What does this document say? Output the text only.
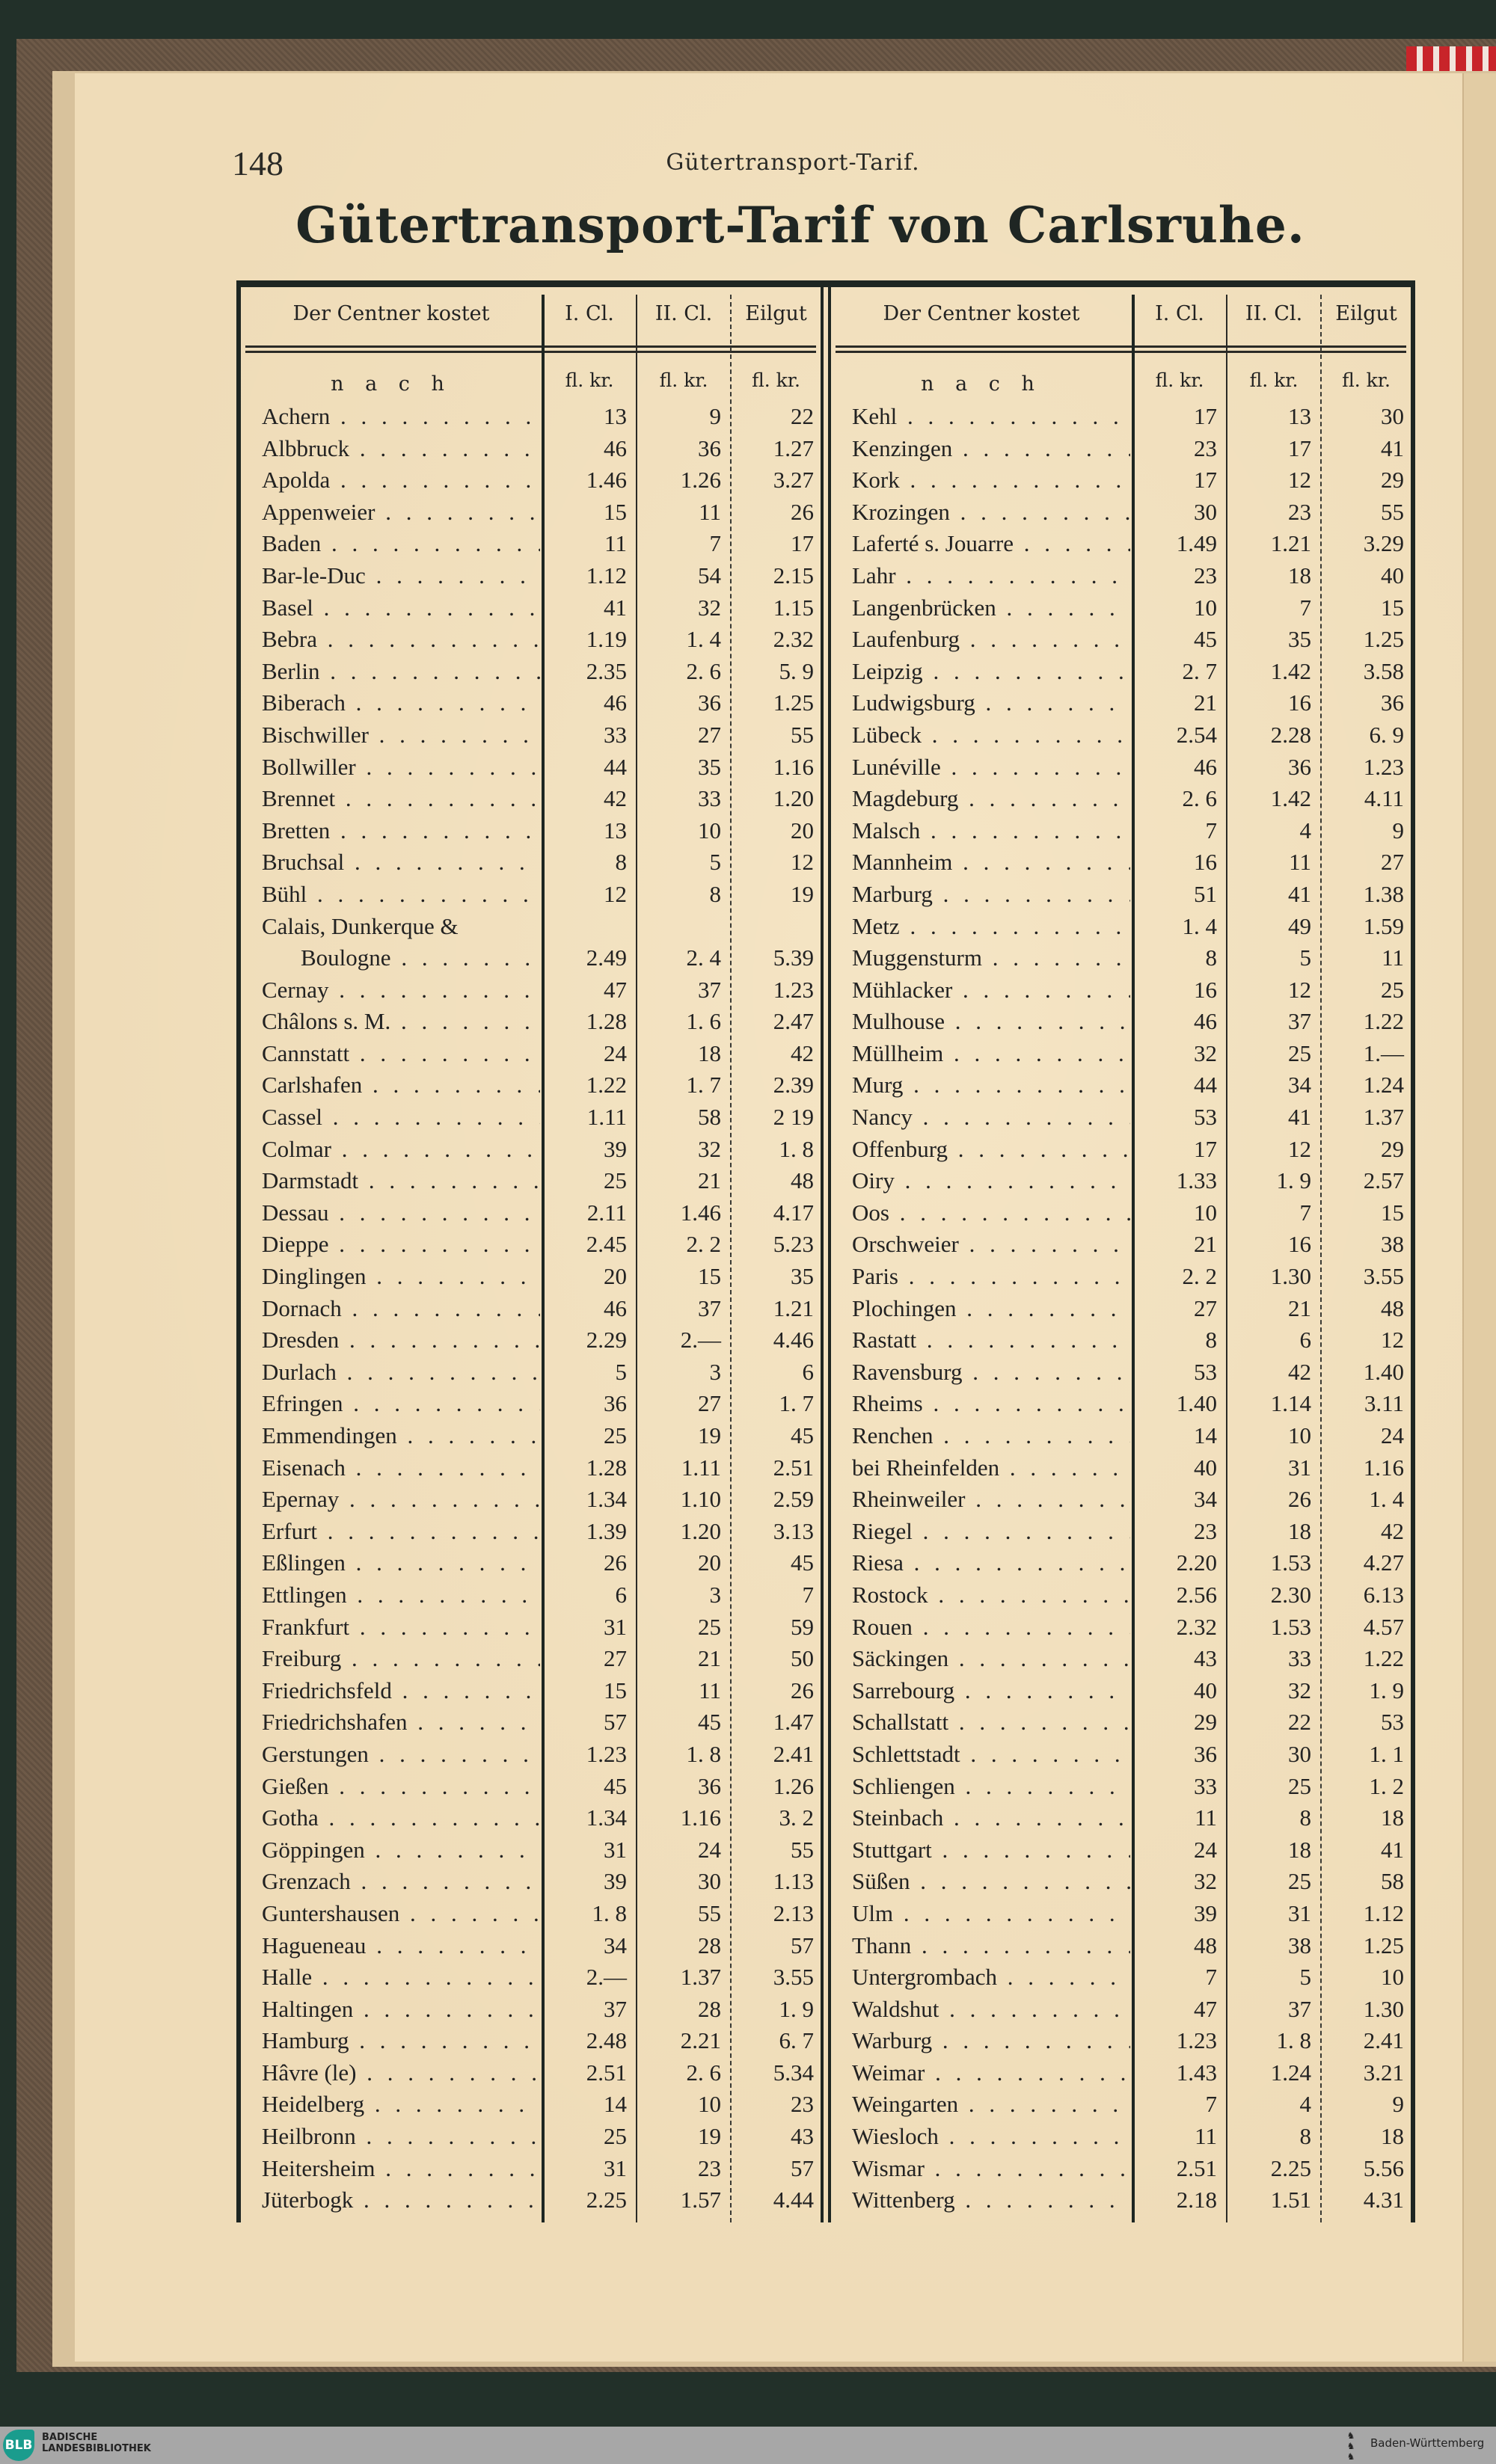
148	Gütertransport-Tarif.
Gütertransport-Tarif von Carlsruhe.
Der Centner kostet	I. Cl.	II. Cl.	Eilgut
n a c h	fl. kr.	fl. kr.	fl. kr.
Achern . . .	13	9	22
Albbruck . . .	46	36	1.27
Apolda . . .	1.46	1.26	3.27
Appenweier . . .	15	11	26
Baden . . .	11	7	17
Bar-le-Duc . . .	1.12	54	2.15
Basel . . .	41	32	1.15
Bebra . . .	1.19	1. 4	2.32
Berlin . . .	2.35	2. 6	5. 9
Biberach . . .	46	36	1.25
Bischwiller . . .	33	27	55
Bollwiller . . .	44	35	1.16
Brennet . . .	42	33	1.20
Bretten . . .	13	10	20
Bruchsal . . .	8	5	12
Bühl . . .	12	8	19
Calais, Dunkerque &
Boulogne . . .	2.49	2. 4	5.39
Cernay . . .	47	37	1.23
Châlons s. M. . . .	1.28	1. 6	2.47
Cannstatt . . .	24	18	42
Carlshafen . . .	1.22	1. 7	2.39
Cassel . . .	1.11	58	2 19
Colmar . . .	39	32	1. 8
Darmstadt . . .	25	21	48
Dessau . . .	2.11	1.46	4.17
Dieppe . . .	2.45	2. 2	5.23
Dinglingen . . .	20	15	35
Dornach . . .	46	37	1.21
Dresden . . .	2.29	2.—	4.46
Durlach . . .	5	3	6
Efringen . . .	36	27	1. 7
Emmendingen . . .	25	19	45
Eisenach . . .	1.28	1.11	2.51
Epernay . . .	1.34	1.10	2.59
Erfurt . . .	1.39	1.20	3.13
Eßlingen . . .	26	20	45
Ettlingen . . .	6	3	7
Frankfurt . . .	31	25	59
Freiburg . . .	27	21	50
Friedrichsfeld . . .	15	11	26
Friedrichshafen . . .	57	45	1.47
Gerstungen . . .	1.23	1. 8	2.41
Gießen . . .	45	36	1.26
Gotha . . .	1.34	1.16	3. 2
Göppingen . . .	31	24	55
Grenzach . . .	39	30	1.13
Guntershausen . . .	1. 8	55	2.13
Hagueneau . . .	34	28	57
Halle . . .	2.—	1.37	3.55
Haltingen . . .	37	28	1. 9
Hamburg . . .	2.48	2.21	6. 7
Hâvre (le) . . .	2.51	2. 6	5.34
Heidelberg . . .	14	10	23
Heilbronn . . .	25	19	43
Heitersheim . . .	31	23	57
Jüterbogk . . .	2.25	1.57	4.44
Der Centner kostet	I. Cl.	II. Cl.	Eilgut
n a c h	fl. kr.	fl. kr.	fl. kr.
Kehl . . .	17	13	30
Kenzingen . . .	23	17	41
Kork . . .	17	12	29
Krozingen . . .	30	23	55
Laferté s. Jouarre . . .	1.49	1.21	3.29
Lahr . . .	23	18	40
Langenbrücken . . .	10	7	15
Laufenburg . . .	45	35	1.25
Leipzig . . .	2. 7	1.42	3.58
Ludwigsburg . . .	21	16	36
Lübeck . . .	2.54	2.28	6. 9
Lunéville . . .	46	36	1.23
Magdeburg . . .	2. 6	1.42	4.11
Malsch . . .	7	4	9
Mannheim . . .	16	11	27
Marburg . . .	51	41	1.38
Metz . . .	1. 4	49	1.59
Muggensturm . . .	8	5	11
Mühlacker . . .	16	12	25
Mulhouse . . .	46	37	1.22
Müllheim . . .	32	25	1.—
Murg . . .	44	34	1.24
Nancy . . .	53	41	1.37
Offenburg . . .	17	12	29
Oiry . . .	1.33	1. 9	2.57
Oos . . .	10	7	15
Orschweier . . .	21	16	38
Paris . . .	2. 2	1.30	3.55
Plochingen . . .	27	21	48
Rastatt . . .	8	6	12
Ravensburg . . .	53	42	1.40
Rheims . . .	1.40	1.14	3.11
Renchen . . .	14	10	24
bei Rheinfelden . . .	40	31	1.16
Rheinweiler . . .	34	26	1. 4
Riegel . . .	23	18	42
Riesa . . .	2.20	1.53	4.27
Rostock . . .	2.56	2.30	6.13
Rouen . . .	2.32	1.53	4.57
Säckingen . . .	43	33	1.22
Sarrebourg . . .	40	32	1. 9
Schallstatt . . .	29	22	53
Schlettstadt . . .	36	30	1. 1
Schliengen . . .	33	25	1. 2
Steinbach . . .	11	8	18
Stuttgart . . .	24	18	41
Süßen . . .	32	25	58
Ulm . . .	39	31	1.12
Thann . . .	48	38	1.25
Untergrombach . . .	7	5	10
Waldshut . . .	47	37	1.30
Warburg . . .	1.23	1. 8	2.41
Weimar . . .	1.43	1.24	3.21
Weingarten . . .	7	4	9
Wiesloch . . .	11	8	18
Wismar . . .	2.51	2.25	5.56
Wittenberg . . .	2.18	1.51	4.31
BLB
BADISCHE
LANDESBIBLIOTHEK
♞
♞
♞
Baden-Württemberg
